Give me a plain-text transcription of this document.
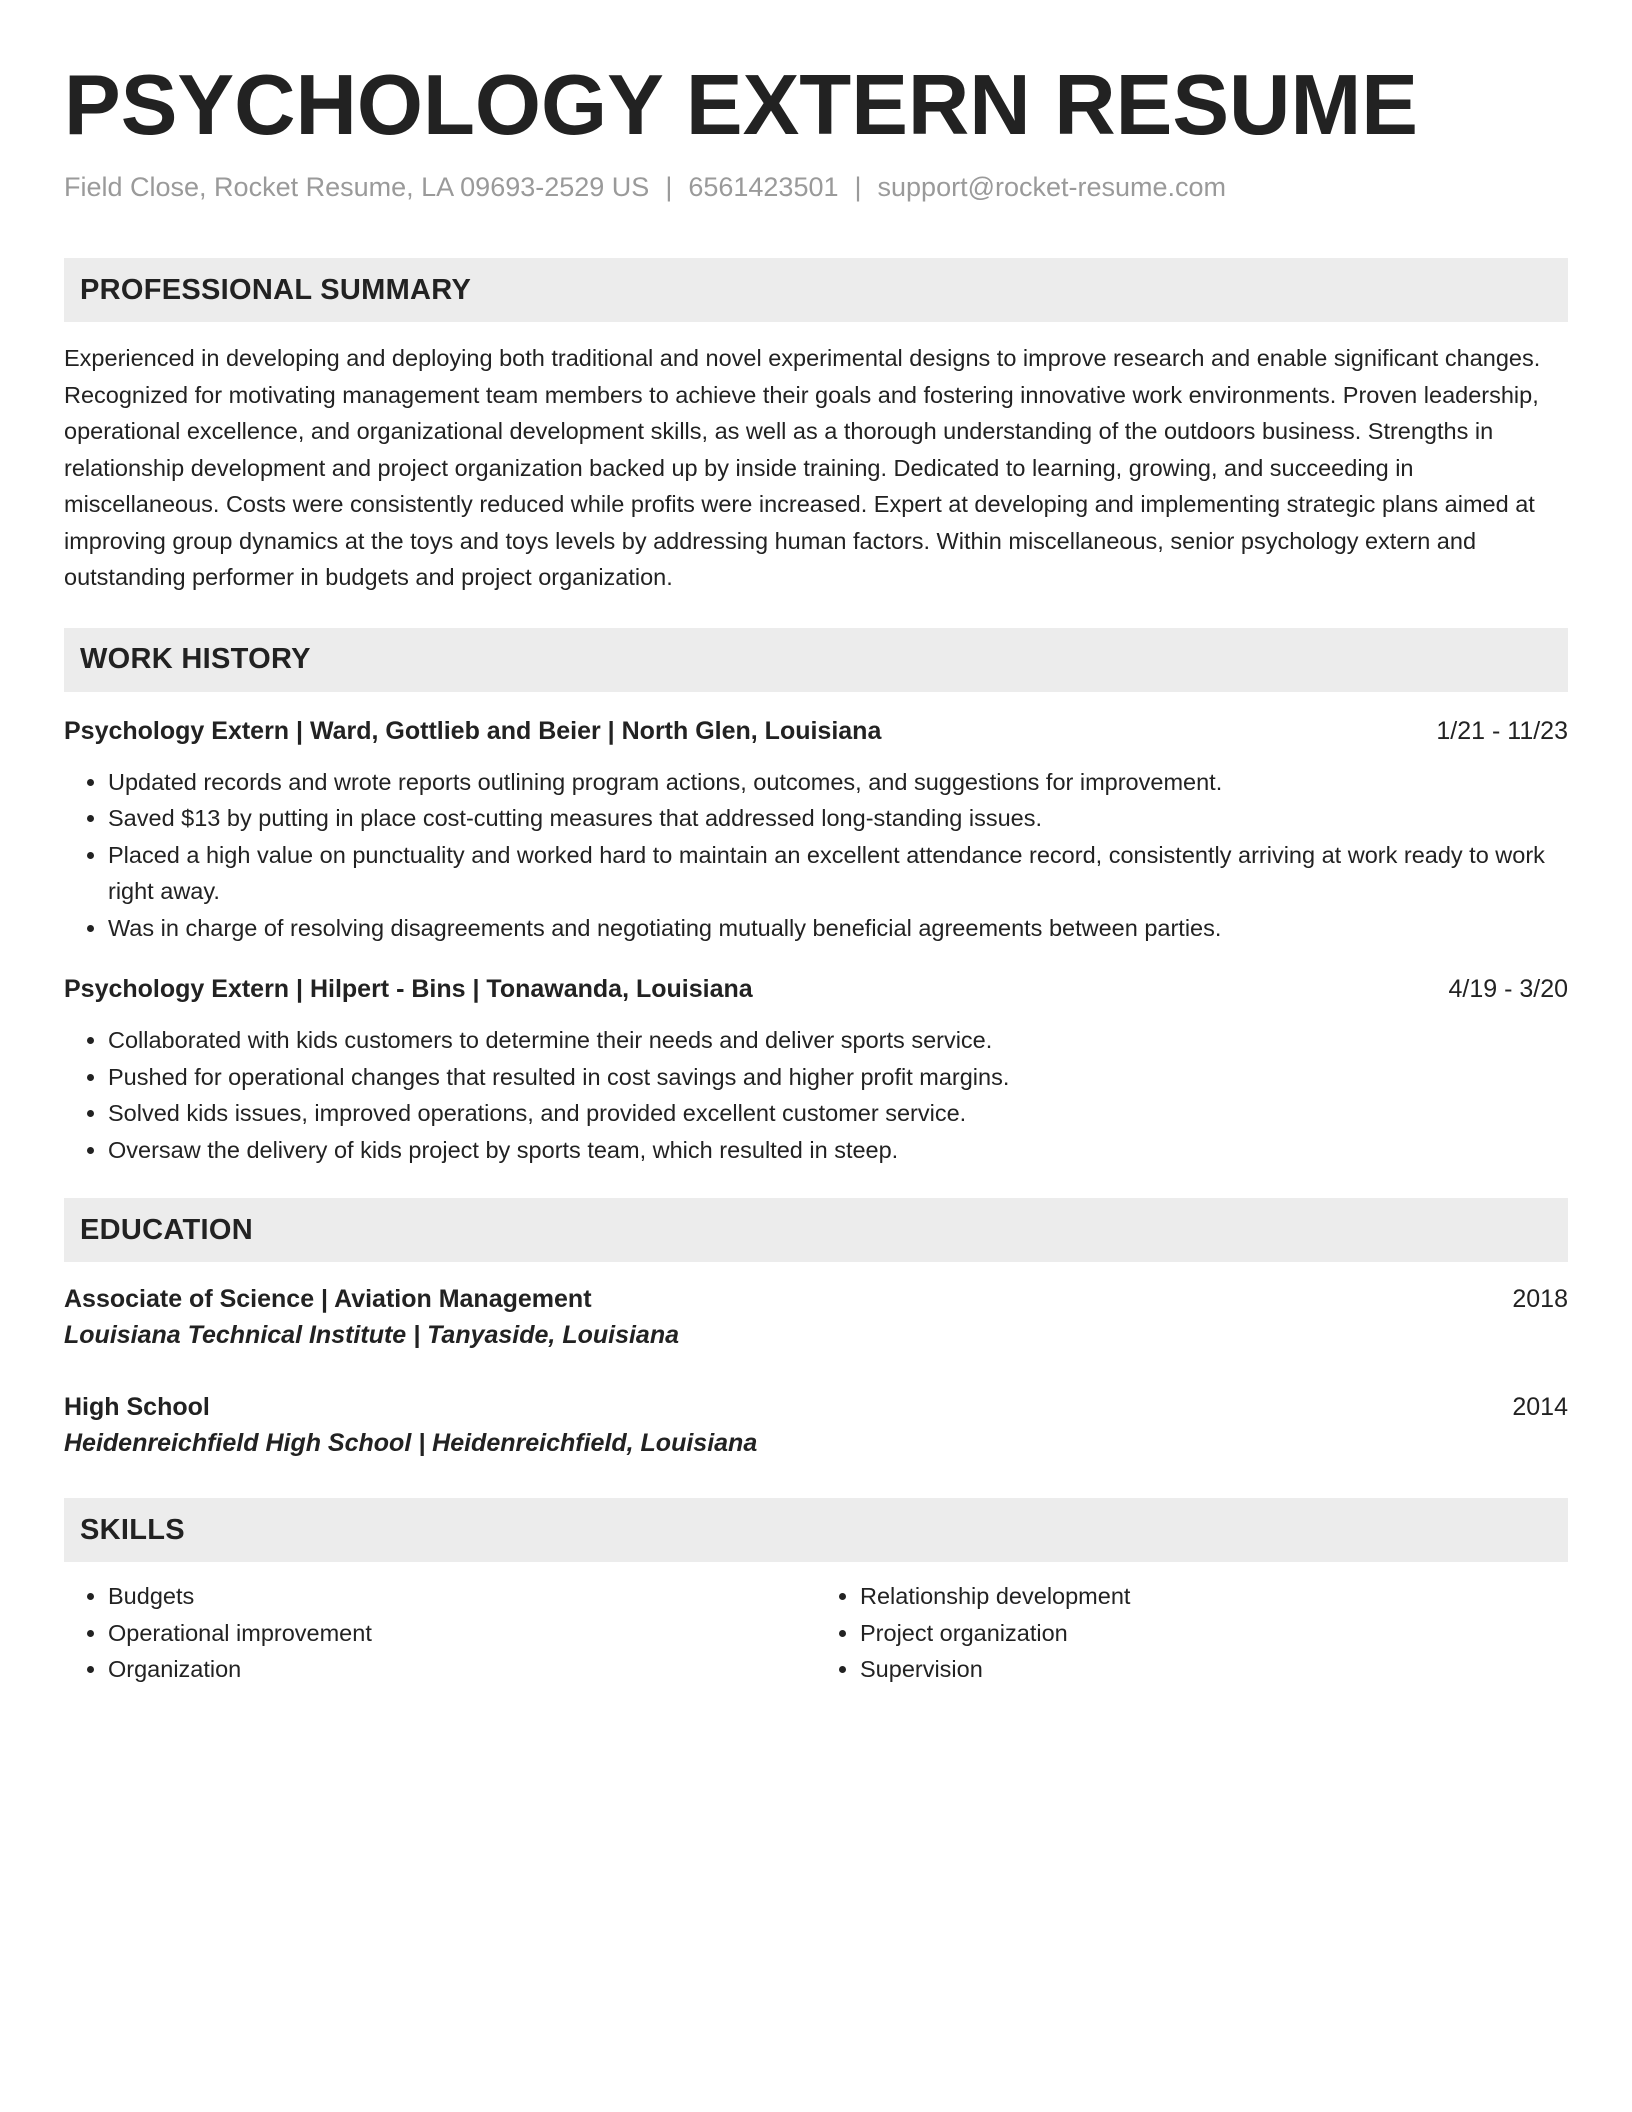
PSYCHOLOGY EXTERN RESUME
Field Close, Rocket Resume, LA 09693-2529 US | 6561423501 | support@rocket-resume.com
PROFESSIONAL SUMMARY

Experienced in developing and deploying both traditional and novel experimental designs to improve research and enable significant changes. Recognized for motivating management team members to achieve their goals and fostering innovative work environments. Proven leadership, operational excellence, and organizational development skills, as well as a thorough understanding of the outdoors business. Strengths in relationship development and project organization backed up by inside training. Dedicated to learning, growing, and succeeding in miscellaneous. Costs were consistently reduced while profits were increased. Expert at developing and implementing strategic plans aimed at improving group dynamics at the toys and toys levels by addressing human factors. Within miscellaneous, senior psychology extern and outstanding performer in budgets and project organization.

WORK HISTORY
Psychology Extern | Ward, Gottlieb and Beier | North Glen, Louisiana	1/21 - 11/23
• Updated records and wrote reports outlining program actions, outcomes, and suggestions for improvement.
• Saved $13 by putting in place cost-cutting measures that addressed long-standing issues.
• Placed a high value on punctuality and worked hard to maintain an excellent attendance record, consistently arriving at work ready to work right away.
• Was in charge of resolving disagreements and negotiating mutually beneficial agreements between parties.
Psychology Extern | Hilpert - Bins | Tonawanda, Louisiana	4/19 - 3/20
• Collaborated with kids customers to determine their needs and deliver sports service.
• Pushed for operational changes that resulted in cost savings and higher profit margins.
• Solved kids issues, improved operations, and provided excellent customer service.
• Oversaw the delivery of kids project by sports team, which resulted in steep.
EDUCATION
Associate of Science | Aviation Management	2018
Louisiana Technical Institute | Tanyaside, Louisiana
High School	2014
Heidenreichfield High School | Heidenreichfield, Louisiana
SKILLS
• Budgets
• Operational improvement
• Organization
• Relationship development
• Project organization
• Supervision
